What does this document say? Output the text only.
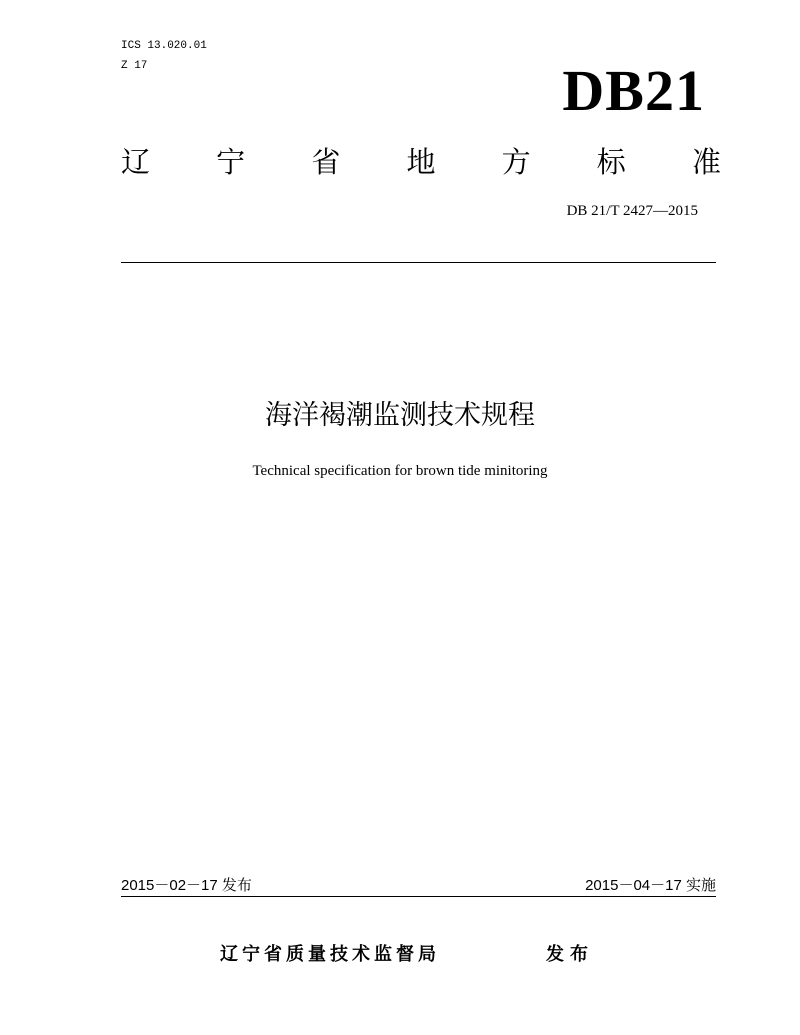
ICS 13.020.01
Z 17	DB21
辽 宁 省 地 方 标 准
DB 21/T 2427—2015
海洋褐潮监测技术规程
Technical specification for brown tide minitoring
2015－02－17 发布	2015－04－17 实施
辽宁省质量技术监督局	发布
